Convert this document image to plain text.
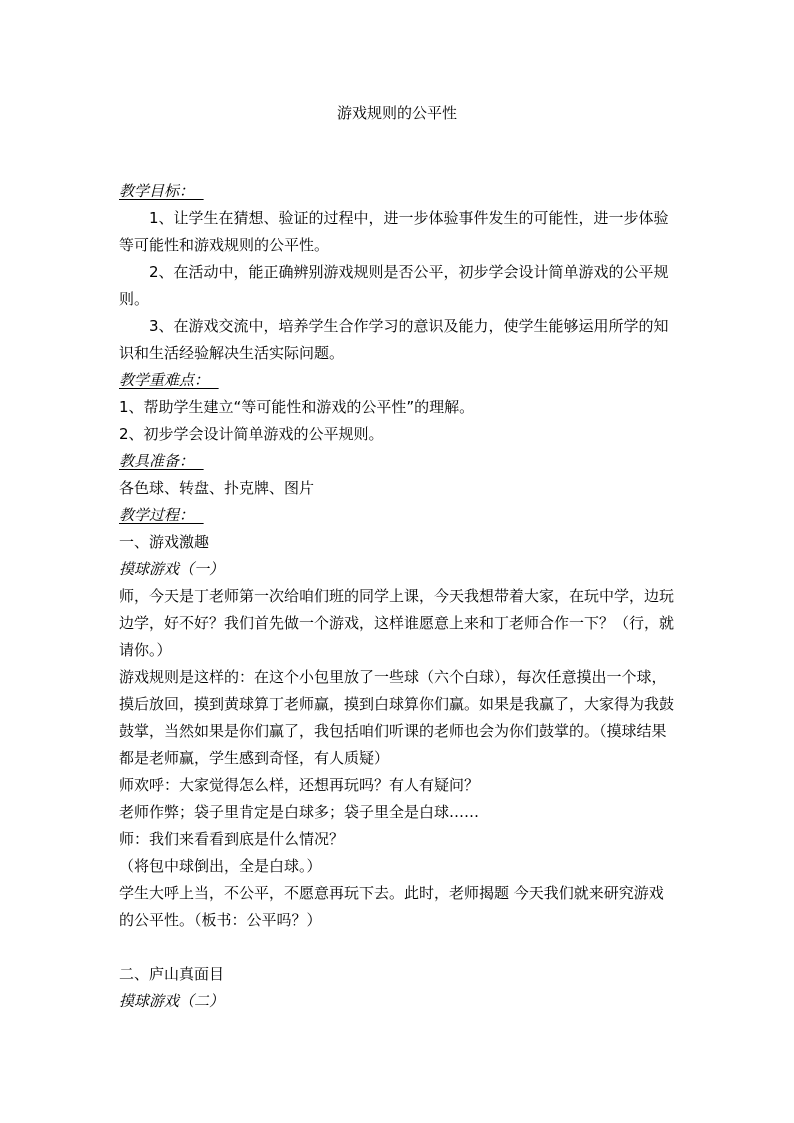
游戏规则的公平性

教学目标：

1、让学生在猜想、验证的过程中，进一步体验事件发生的可能性，进一步体验等可能性和游戏规则的公平性。

2、在活动中，能正确辨别游戏规则是否公平，初步学会设计简单游戏的公平规则。

3、在游戏交流中，培养学生合作学习的意识及能力，使学生能够运用所学的知识和生活经验解决生活实际问题。

教学重难点：

1、帮助学生建立“等可能性和游戏的公平性”的理解。

2、初步学会设计简单游戏的公平规则。

教具准备：

各色球、转盘、扑克牌、图片

教学过程：

一、游戏激趣

摸球游戏（一）

师，今天是丁老师第一次给咱们班的同学上课，今天我想带着大家，在玩中学，边玩边学，好不好？我们首先做一个游戏，这样谁愿意上来和丁老师合作一下？（行，就请你。）

游戏规则是这样的：在这个小包里放了一些球（六个白球），每次任意摸出一个球，摸后放回，摸到黄球算丁老师赢，摸到白球算你们赢。如果是我赢了，大家得为我鼓鼓掌，当然如果是你们赢了，我包括咱们听课的老师也会为你们鼓掌的。（摸球结果都是老师赢，学生感到奇怪，有人质疑）

师欢呼：大家觉得怎么样，还想再玩吗？有人有疑问？

老师作弊；袋子里肯定是白球多；袋子里全是白球……

师：我们来看看到底是什么情况？

（将包中球倒出，全是白球。）

学生大呼上当，不公平，不愿意再玩下去。此时，老师揭题 今天我们就来研究游戏的公平性。（板书：公平吗？）

二、庐山真面目

摸球游戏（二）
